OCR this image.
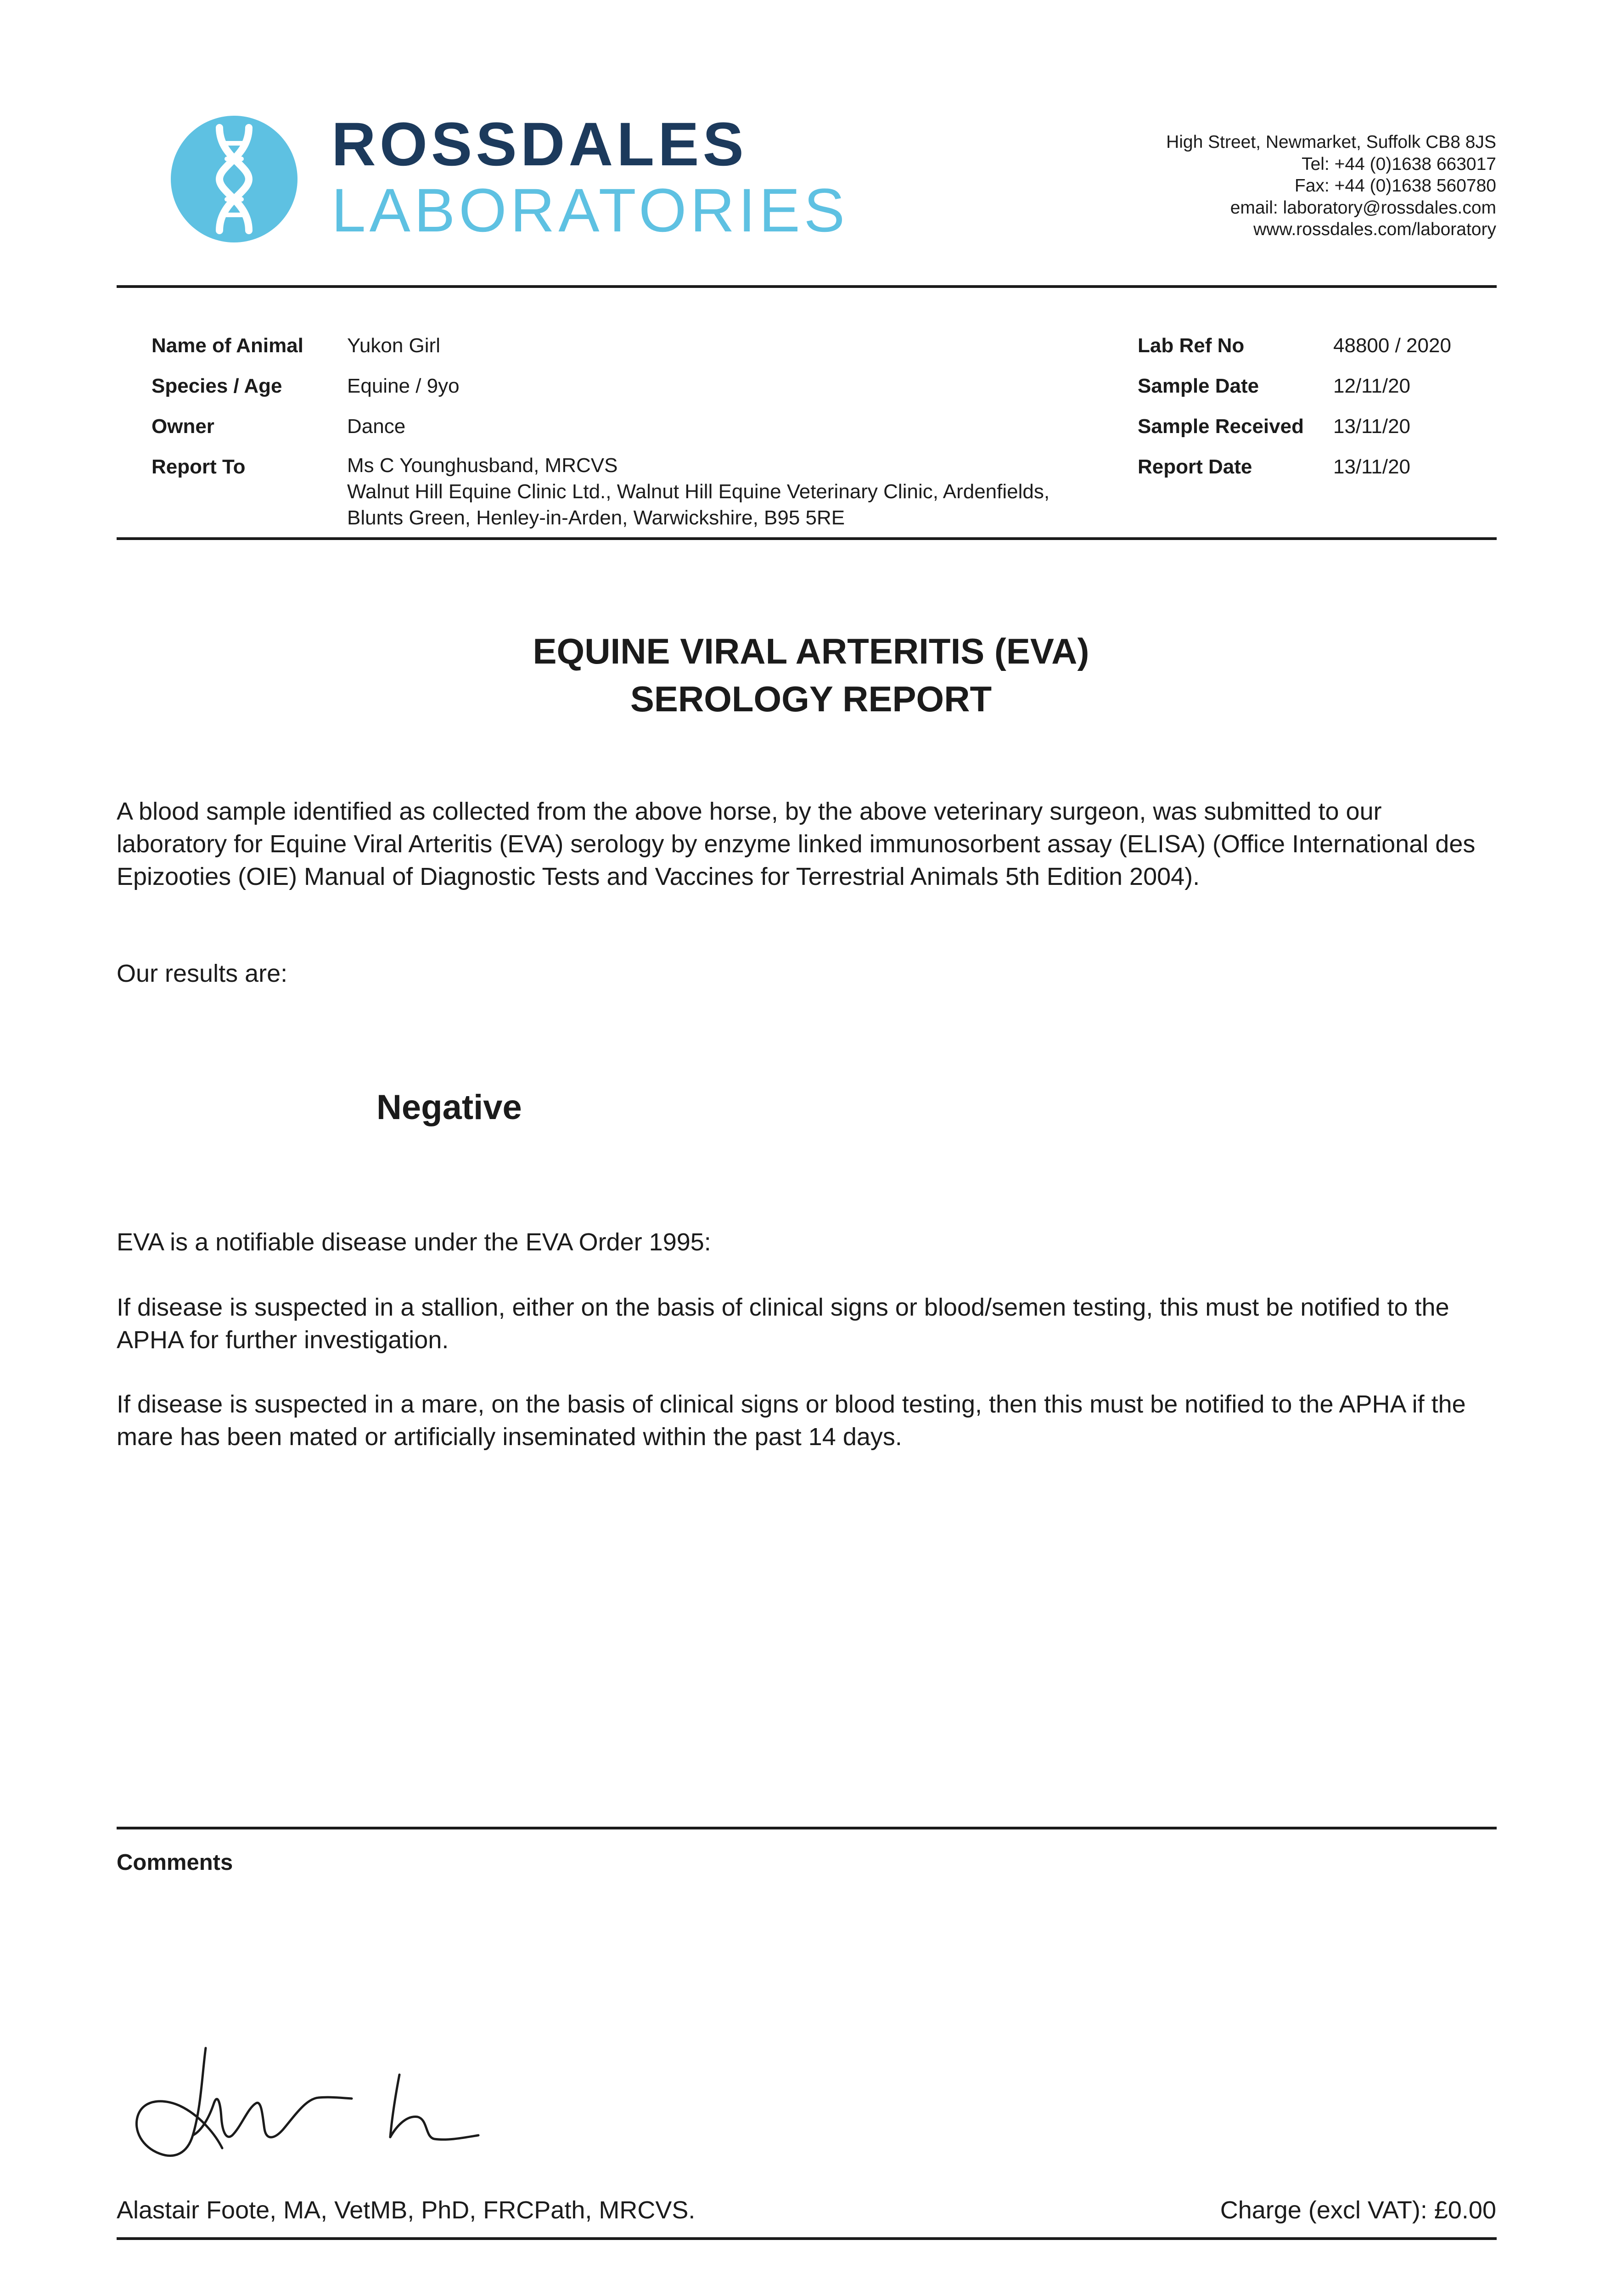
ROSSDALES
LABORATORIES
High Street, Newmarket, Suffolk CB8 8JS
Tel: +44 (0)1638 663017
Fax: +44 (0)1638 560780
email: laboratory@rossdales.com
www.rossdales.com/laboratory
Name of Animal Yukon Girl
Species / Age	Equine / 9yo
Owner	Dance
Report To	Ms C Younghusband, MRCVS
Walnut Hill Equine Clinic Ltd., Walnut Hill Equine Veterinary Clinic, Ardenfields,
Blunts Green, Henley-in-Arden, Warwickshire, B95 5RE
Lab Ref No	48800 / 2020
Sample Date	12/11/20
Sample Received 13/11/20
Report Date	13/11/20
EQUINE VIRAL ARTERITIS (EVA)
SEROLOGY REPORT
A blood sample identified as collected from the above horse, by the above veterinary surgeon, was submitted to our laboratory for Equine Viral Arteritis (EVA) serology by enzyme linked immunosorbent assay (ELISA) (Office International des Epizooties (OIE) Manual of Diagnostic Tests and Vaccines for Terrestrial Animals 5th Edition 2004).
Our results are:
Negative
EVA is a notifiable disease under the EVA Order 1995:
If disease is suspected in a stallion, either on the basis of clinical signs or blood/semen testing, this must be notified to the APHA for further investigation.
If disease is suspected in a mare, on the basis of clinical signs or blood testing, then this must be notified to the APHA if the mare has been mated or artificially inseminated within the past 14 days.
Comments
Alastair Foote, MA, VetMB, PhD, FRCPath, MRCVS.	Charge (excl VAT): £0.00
